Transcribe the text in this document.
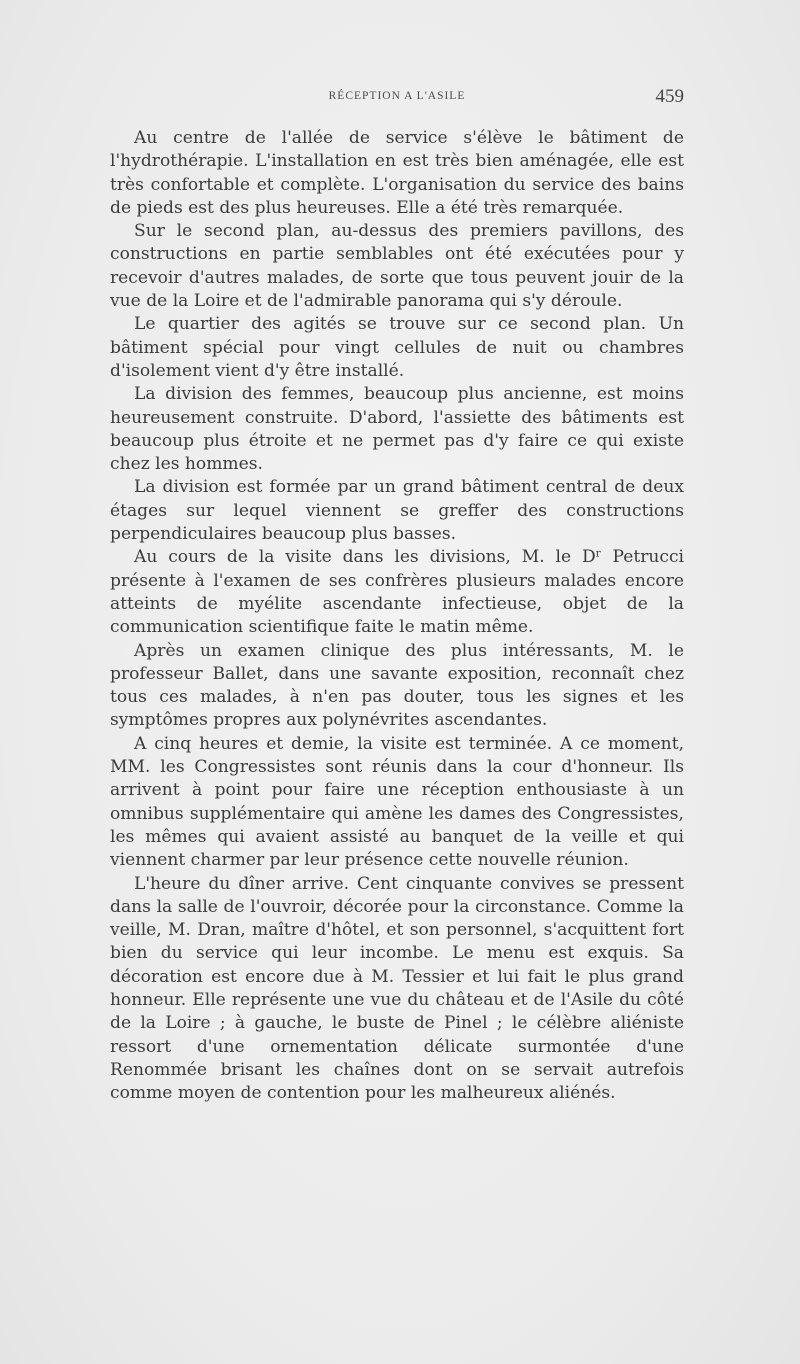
RÉCEPTION A L'ASILE	459

Au centre de l'allée de service s'élève le bâtiment de l'hydrothérapie. L'installation en est très bien aménagée, elle est très confortable et complète. L'organisation du service des bains de pieds est des plus heureuses. Elle a été très remarquée.

Sur le second plan, au-dessus des premiers pavillons, des constructions en partie semblables ont été exécutées pour y recevoir d'autres malades, de sorte que tous peuvent jouir de la vue de la Loire et de l'admirable panorama qui s'y déroule.

Le quartier des agités se trouve sur ce second plan. Un bâtiment spécial pour vingt cellules de nuit ou chambres d'isolement vient d'y être installé.

La division des femmes, beaucoup plus ancienne, est moins heureusement construite. D'abord, l'assiette des bâtiments est beaucoup plus étroite et ne permet pas d'y faire ce qui existe chez les hommes.

La division est formée par un grand bâtiment central de deux étages sur lequel viennent se greffer des constructions perpendiculaires beaucoup plus basses.

Au cours de la visite dans les divisions, M. le Dʳ Petrucci présente à l'examen de ses confrères plusieurs malades encore atteints de myélite ascendante infectieuse, objet de la communication scientifique faite le matin même.

Après un examen clinique des plus intéressants, M. le professeur Ballet, dans une savante exposition, reconnaît chez tous ces malades, à n'en pas douter, tous les signes et les symptômes propres aux polynévrites ascendantes.

A cinq heures et demie, la visite est terminée. A ce moment, MM. les Congressistes sont réunis dans la cour d'honneur. Ils arrivent à point pour faire une réception enthousiaste à un omnibus supplémentaire qui amène les dames des Congressistes, les mêmes qui avaient assisté au banquet de la veille et qui viennent charmer par leur présence cette nouvelle réunion.

L'heure du dîner arrive. Cent cinquante convives se pressent dans la salle de l'ouvroir, décorée pour la circonstance. Comme la veille, M. Dran, maître d'hôtel, et son personnel, s'acquittent fort bien du service qui leur incombe. Le menu est exquis. Sa décoration est encore due à M. Tessier et lui fait le plus grand honneur. Elle représente une vue du château et de l'Asile du côté de la Loire ; à gauche, le buste de Pinel ; le célèbre aliéniste ressort d'une ornementation délicate surmontée d'une Renommée brisant les chaînes dont on se servait autrefois comme moyen de contention pour les malheureux aliénés.
